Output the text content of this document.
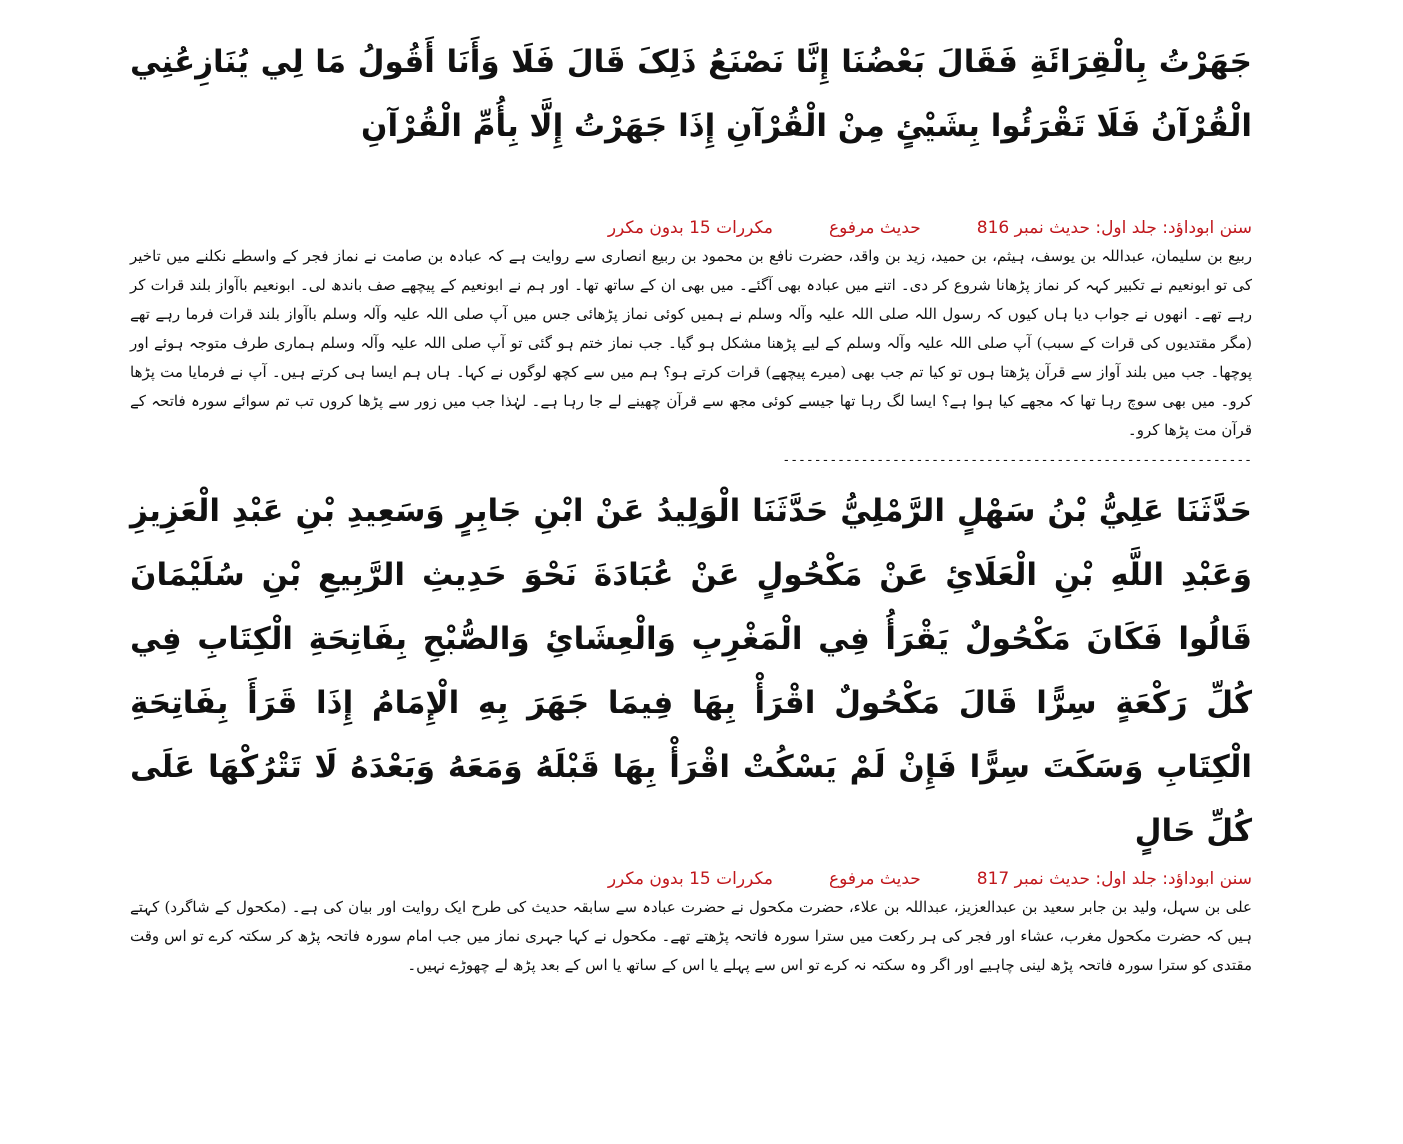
جَهَرْتُ بِالْقِرَائَةِ فَقَالَ بَعْضُنَا إِنَّا نَصْنَعُ ذَلِکَ قَالَ فَلَا وَأَنَا أَقُولُ مَا لِي يُنَازِعُنِي الْقُرْآنُ فَلَا تَقْرَئُوا بِشَيْئٍ مِنْ الْقُرْآنِ إِذَا جَهَرْتُ إِلَّا بِأُمِّ الْقُرْآنِ

سنن ابوداؤد: جلد اول: حدیث نمبر 816
حدیث مرفوع
مکررات 15 بدون مکرر

ربیع بن سلیمان، عبداللہ بن یوسف، ہیثم، بن حمید، زید بن واقد، حضرت نافع بن محمود بن ربیع انصاری سے روایت ہے کہ عبادہ بن صامت نے نماز فجر کے واسطے نکلنے میں تاخیر کی تو ابونعیم نے تکبیر کہہ کر نماز پڑھانا شروع کر دی۔ اتنے میں عبادہ بھی آگئے۔ میں بھی ان کے ساتھ تھا۔ اور ہم نے ابونعیم کے پیچھے صف باندھ لی۔ ابونعیم باآواز بلند قرات کر رہے تھے۔ انھوں نے جواب دیا ہاں کیوں کہ رسول اللہ صلی اللہ علیہ وآلہ وسلم نے ہمیں کوئی نماز پڑھائی جس میں آپ صلی اللہ علیہ وآلہ وسلم باآواز بلند قرات فرما رہے تھے (مگر مقتدیوں کی قرات کے سبب) آپ صلی اللہ علیہ وآلہ وسلم کے لیے پڑھنا مشکل ہو گیا۔ جب نماز ختم ہو گئی تو آپ صلی اللہ علیہ وآلہ وسلم ہماری طرف متوجہ ہوئے اور پوچھا۔ جب میں بلند آواز سے قرآن پڑھتا ہوں تو کیا تم جب بھی (میرے پیچھے) قرات کرتے ہو؟ ہم میں سے کچھ لوگوں نے کہا۔ ہاں ہم ایسا ہی کرتے ہیں۔ آپ نے فرمایا مت پڑھا کرو۔ میں بھی سوچ رہا تھا کہ مجھے کیا ہوا ہے؟ ایسا لگ رہا تھا جیسے کوئی مجھ سے قرآن چھینے لے جا رہا ہے۔ لہٰذا جب میں زور سے پڑھا کروں تب تم سوائے سورہ فاتحہ کے قرآن مت پڑھا کرو۔

------------------------------------------------------------

حَدَّثَنَا عَلِيُّ بْنُ سَهْلٍ الرَّمْلِيُّ حَدَّثَنَا الْوَلِيدُ عَنْ ابْنِ جَابِرٍ وَسَعِيدِ بْنِ عَبْدِ الْعَزِيزِ وَعَبْدِ اللَّهِ بْنِ الْعَلَائِ عَنْ مَکْحُولٍ عَنْ عُبَادَةَ نَحْوَ حَدِيثِ الرَّبِيعِ بْنِ سُلَيْمَانَ قَالُوا فَکَانَ مَکْحُولٌ يَقْرَأُ فِي الْمَغْرِبِ وَالْعِشَائِ وَالصُّبْحِ بِفَاتِحَةِ الْکِتَابِ فِي کُلِّ رَکْعَةٍ سِرًّا قَالَ مَکْحُولٌ اقْرَأْ بِهَا فِيمَا جَهَرَ بِهِ الْإِمَامُ إِذَا قَرَأَ بِفَاتِحَةِ الْکِتَابِ وَسَکَتَ سِرًّا فَإِنْ لَمْ يَسْکُتْ اقْرَأْ بِهَا قَبْلَهُ وَمَعَهُ وَبَعْدَهُ لَا تَتْرُکْهَا عَلَی کُلِّ حَالٍ

سنن ابوداؤد: جلد اول: حدیث نمبر 817
حدیث مرفوع
مکررات 15 بدون مکرر

علی بن سہل، ولید بن جابر سعید بن عبدالعزیز، عبداللہ بن علاء، حضرت مکحول نے حضرت عبادہ سے سابقہ حدیث کی طرح ایک روایت اور بیان کی ہے۔ (مکحول کے شاگرد) کہتے ہیں کہ حضرت مکحول مغرب، عشاء اور فجر کی ہر رکعت میں سترا سورہ فاتحہ پڑھتے تھے۔ مکحول نے کہا جہری نماز میں جب امام سورہ فاتحہ پڑھ کر سکتہ کرے تو اس وقت مقتدی کو سترا سورہ فاتحہ پڑھ لینی چاہیے اور اگر وہ سکتہ نہ کرے تو اس سے پہلے یا اس کے ساتھ یا اس کے بعد پڑھ لے چھوڑے نہیں۔
